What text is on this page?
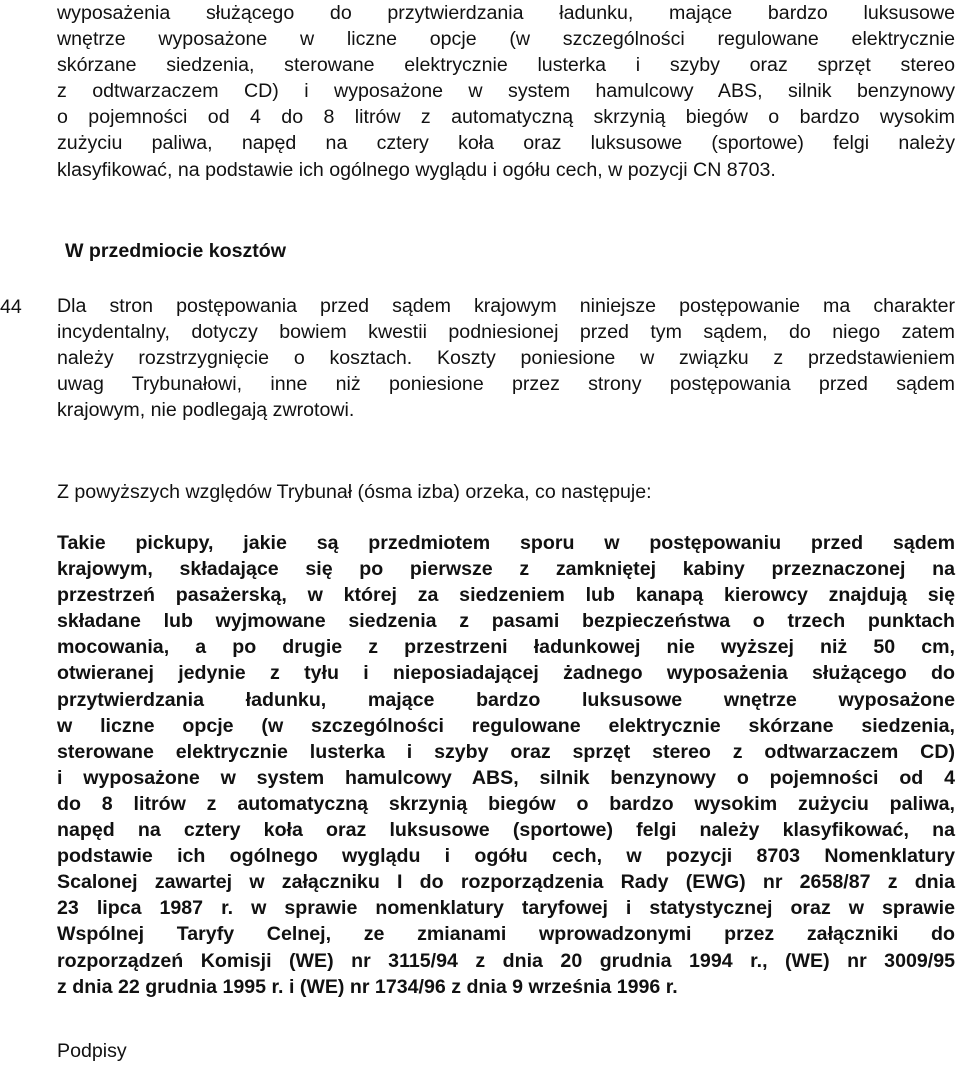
wyposażenia służącego do przytwierdzania ładunku, mające bardzo luksusowe
wnętrze wyposażone w liczne opcje (w szczególności regulowane elektrycznie
skórzane siedzenia, sterowane elektrycznie lusterka i szyby oraz sprzęt stereo
z odtwarzaczem CD) i wyposażone w system hamulcowy ABS, silnik benzynowy
o pojemności od 4 do 8 litrów z automatyczną skrzynią biegów o bardzo wysokim
zużyciu paliwa, napęd na cztery koła oraz luksusowe (sportowe) felgi należy
klasyfikować, na podstawie ich ogólnego wyglądu i ogółu cech, w pozycji CN 8703.
W przedmiocie kosztów
44 Dla stron postępowania przed sądem krajowym niniejsze postępowanie ma charakter
incydentalny, dotyczy bowiem kwestii podniesionej przed tym sądem, do niego zatem
należy rozstrzygnięcie o kosztach. Koszty poniesione w związku z przedstawieniem
uwag Trybunałowi, inne niż poniesione przez strony postępowania przed sądem
krajowym, nie podlegają zwrotowi.

Z powyższych względów Trybunał (ósma izba) orzeka, co następuje:

Takie pickupy, jakie są przedmiotem sporu w postępowaniu przed sądem
krajowym, składające się po pierwsze z zamkniętej kabiny przeznaczonej na
przestrzeń pasażerską, w której za siedzeniem lub kanapą kierowcy znajdują się
składane lub wyjmowane siedzenia z pasami bezpieczeństwa o trzech punktach
mocowania, a po drugie z przestrzeni ładunkowej nie wyższej niż 50 cm,
otwieranej jedynie z tyłu i nieposiadającej żadnego wyposażenia służącego do
przytwierdzania ładunku, mające bardzo luksusowe wnętrze wyposażone
w liczne opcje (w szczególności regulowane elektrycznie skórzane siedzenia,
sterowane elektrycznie lusterka i szyby oraz sprzęt stereo z odtwarzaczem CD)
i wyposażone w system hamulcowy ABS, silnik benzynowy o pojemności od 4
do 8 litrów z automatyczną skrzynią biegów o bardzo wysokim zużyciu paliwa,
napęd na cztery koła oraz luksusowe (sportowe) felgi należy klasyfikować, na
podstawie ich ogólnego wyglądu i ogółu cech, w pozycji 8703 Nomenklatury
Scalonej zawartej w załączniku I do rozporządzenia Rady (EWG) nr 2658/87 z dnia
23 lipca 1987 r. w sprawie nomenklatury taryfowej i statystycznej oraz w sprawie
Wspólnej Taryfy Celnej, ze zmianami wprowadzonymi przez załączniki do
rozporządzeń Komisji (WE) nr 3115/94 z dnia 20 grudnia 1994 r., (WE) nr 3009/95
z dnia 22 grudnia 1995 r. i (WE) nr 1734/96 z dnia 9 września 1996 r.

Podpisy
